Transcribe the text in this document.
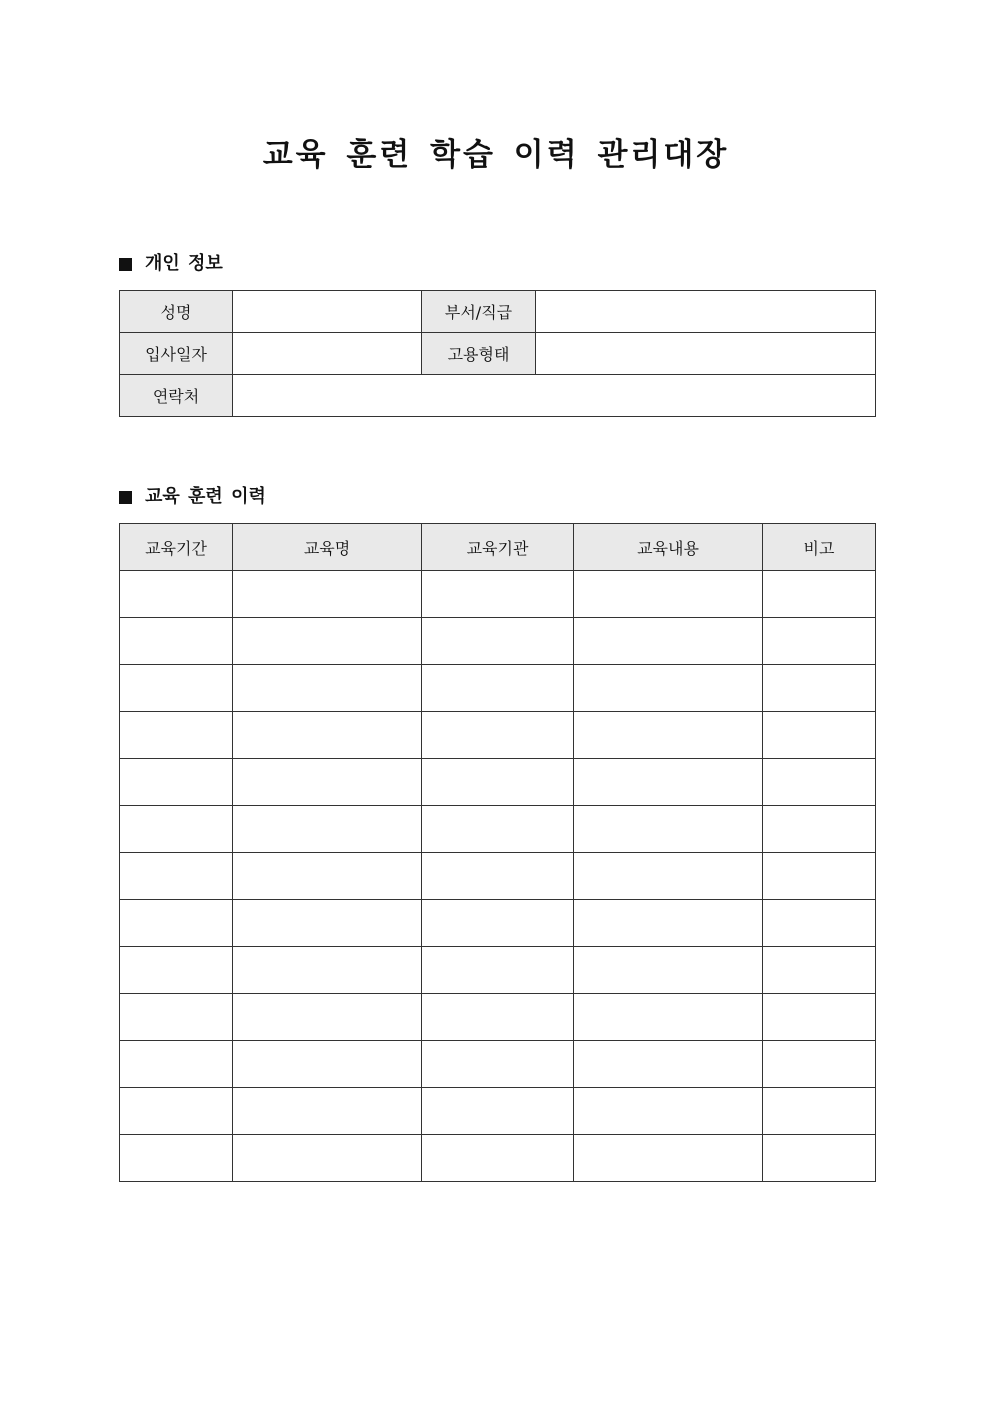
교육 훈련 학습 이력 관리대장
개인 정보
성명		부서/직급	
입사일자		고용형태	
연락처			
교육 훈련 이력
교육기간	교육명	교육기관	교육내용	비고
